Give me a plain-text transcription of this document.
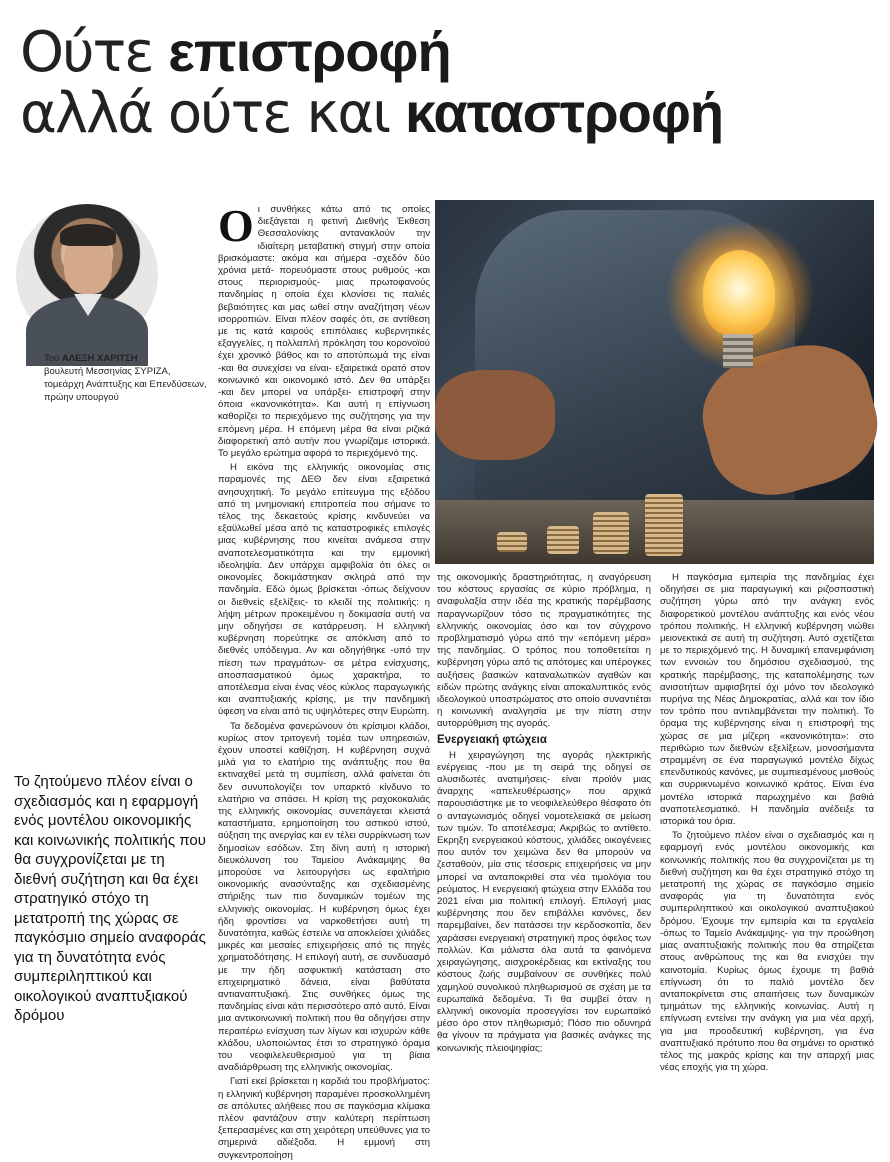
Ούτε επιστροφή
αλλά ούτε και καταστροφή
Του ΑΛΕΞΗ ΧΑΡΙΤΣΗ
βουλευτή Μεσσηνίας ΣΥΡΙΖΑ,
τομεάρχη Ανάπτυξης και Επενδύσεων,
πρώην υπουργού
Το ζητούμενο πλέον είναι ο σχεδιασμός και η εφαρμογή ενός μοντέλου οικονομικής και κοινωνικής πολιτικής που θα συγχρονίζεται με τη διεθνή συζήτηση και θα έχει στρατηγικό στόχο τη μετατροπή της χώρας σε παγκόσμιο σημείο αναφοράς για τη δυνατότητα ενός συμπεριληπτικού και οικολογικού αναπτυξιακού δρόμου
Ο ι συνθήκες κάτω από τις οποίες διεξάγεται η φετινή Διεθνής Έκθεση Θεσσαλονίκης αντανακλούν την ιδιαίτερη μεταβατική στιγμή στην οποία βρισκόμαστε: ακόμα και σήμερα -σχεδόν δύο χρόνια μετά- πορευόμαστε στους ρυθμούς -και στους περιορισμούς- μιας πρωτοφανούς πανδημίας η οποία έχει κλονίσει τις παλιές βεβαιότητες και μας ωθεί στην αναζήτηση νέων ισορροπιών. Είναι πλέον σαφές ότι, σε αντίθεση με τις κατά καιρούς επιπόλαιες κυβερνητικές εξαγγελίες, η πολλαπλή πρόκληση του κορονοϊού έχει χρονικό βάθος και το αποτύπωμά της είναι -και θα συνεχίσει να είναι- εξαιρετικά ορατό στον κοινωνικό και οικονομικό ιστό. Δεν θα υπάρξει -και δεν μπορεί να υπάρξει- επιστροφή στην όποια «κανονικότητα». Και αυτή η επίγνωση καθορίζει το περιεχόμενο της συζήτησης για την επόμενη μέρα. Η επόμενη μέρα θα είναι ριζικά διαφορετική από αυτήν που γνωρίζαμε ιστορικά. Το μεγάλο ερώτημα αφορά το περιεχόμενό της.

Η εικόνα της ελληνικής οικονομίας στις παραμονές της ΔΕΘ δεν είναι εξαιρετικά ανησυχητική. Το μεγάλο επίτευγμα της εξόδου από τη μνημονιακή επιτροπεία που σήμανε το τέλος της δεκαετούς κρίσης κινδυνεύει να εξαϋλωθεί μέσα από τις καταστροφικές επιλογές μιας κυβέρνησης που κινείται ανάμεσα στην αναποτελεσματικότητα και την εμμονική ιδεοληψία. Δεν υπάρχει αμφιβολία ότι όλες οι οικονομίες δοκιμάστηκαν σκληρά από την πανδημία. Εδώ όμως βρίσκεται -όπως δείχνουν οι διεθνείς εξελίξεις- το κλειδί της πολιτικής: η λήψη μέτρων προκειμένου η δοκιμασία αυτή να μην οδηγήσει σε κατάρρευση. Η ελληνική κυβέρνηση πορεύτηκε σε απόκλιση από το διεθνές υπόδειγμα. Αν και οδηγήθηκε -υπό την πίεση των πραγμάτων- σε μέτρα ενίσχυσης, αποσπασματικού όμως χαρακτήρα, το αποτέλεσμα είναι ένας νέος κύκλος παραγωγικής και αναπτυξιακής κρίσης, με την πανδημική ύφεση να είναι από τις υψηλότερες στην Ευρώπη.

Τα δεδομένα φανερώνουν ότι κρίσιμοι κλάδοι, κυρίως στον τριτογενή τομέα των υπηρεσιών, έχουν υποστεί καθίζηση. Η κυβέρνηση συχνά μιλά για το ελατήριο της ανάπτυξης που θα εκτιναχθεί μετά τη συμπίεση, αλλά φαίνεται ότι δεν συνυπολογίζει τον υπαρκτό κίνδυνο το ελατήριο να σπάσει. Η κρίση της ραχοκοκαλιάς της ελληνικής οικονομίας συνεπάγεται κλειστά καταστήματα, ερημοποίηση του αστικού ιστού, αύξηση της ανεργίας και εν τέλει συρρίκνωση των δημοσίων εσόδων. Στη δίνη αυτή η ιστορική διευκόλυνση του Ταμείου Ανάκαμψης θα μπορούσε να λειτουργήσει ως εφαλτήριο οικονομικής ανασύνταξης και σχεδιασμένης στήριξης των πιο δυναμικών τομέων της ελληνικής οικονομίας. Η κυβέρνηση όμως έχει ήδη φροντίσει να ναρκοθετήσει αυτή τη δυνατότητα, καθώς έστειλε να αποκλείσει χιλιάδες μικρές και μεσαίες επιχειρήσεις από τις πηγές χρηματοδότησης. Η επιλογή αυτή, σε συνδυασμό με την ήδη ασφυκτική κατάσταση στο επιχειρηματικό δάνεια, είναι βαθύτατα αντιαναπτυξιακή. Στις συνθήκες όμως της πανδημίας είναι κάτι περισσότερο από αυτό. Είναι μια αντικοινωνική πολιτική που θα οδηγήσει στην περαιτέρω ενίσχυση των λίγων και ισχυρών κάθε κλάδου, υλοποιώντας έτσι το στρατηγικό όραμα του νεοφιλελευθερισμού για τη βίαια αναδιάρθρωση της ελληνικής οικονομίας.

Γιατί εκεί βρίσκεται η καρδιά του προβλήματος: η ελληνική κυβέρνηση παραμένει προσκολλημένη σε απόλυτες αλήθειες που σε παγκόσμια κλίμακα πλέον φαντάζουν στην καλύτερη περίπτωση ξεπερασμένες και στη χειρότερη υπεύθυνες για το σημερινά αδιέξοδα. Η εμμονή στη συγκεντροποίηση

της οικονομικής δραστηριότητας, η αναγόρευση του κόστους εργασίας σε κύριο πρόβλημα, η αναφυλαξία στην ιδέα της κρατικής παρέμβασης παραγνωρίζουν τόσο τις πραγματικότητες της ελληνικής οικονομίας όσο και τον σύγχρονο προβληματισμό γύρω από την «επόμενη μέρα» της πανδημίας. Ο τρόπος που τοποθετείται η κυβέρνηση γύρω από τις απότομες και υπέρογκες αυξήσεις βασικών καταναλωτικών αγαθών και ειδών πρώτης ανάγκης είναι αποκαλυπτικός ενός ιδεολογικού υποστρώματος στο οποίο συναντιέται η κοινωνική αναλγησία με την πίστη στην αυτορρύθμιση της αγοράς.

Ενεργειακή φτώχεια

Η χειραγώγηση της αγοράς ηλεκτρικής ενέργειας -που με τη σειρά της οδηγεί σε αλυσιδωτές ανατιμήσεις- είναι προϊόν μιας άναρχης «απελευθέρωσης» που αρχικά παρουσιάστηκε με το νεοφιλελεύθερο θέσφατο ότι ο ανταγωνισμός οδηγεί νομοτελειακά σε μείωση των τιμών. Το αποτέλεσμα; Ακριβώς το αντίθετο. Εκρηξη ενεργειακού κόστους, χιλιάδες οικογένειες που αυτόν τον χειμώνα δεν θα μπορούν να ζεσταθούν, μία στις τέσσερις επιχειρήσεις να μην μπορεί να ανταποκριθεί στα νέα τιμολόγια του ρεύματος. Η ενεργειακή φτώχεια στην Ελλάδα του 2021 είναι μια πολιτική επιλογή. Επιλογή μιας κυβέρνησης που δεν επιβάλλει κανόνες, δεν παρεμβαίνει, δεν πατάσσει την κερδοσκοπία, δεν χαράσσει ενεργειακή στρατηγική προς όφελος των πολλών. Και μάλιστα όλα αυτά τα φαινόμενα χειραγώγησης, αισχροκέρδειας και εκτίναξης του κόστους ζωής συμβαίνουν σε συνθήκες πολύ χαμηλού συνολικού πληθωρισμού σε σχέση με τα ευρωπαϊκά δεδομένα. Τι θα συμβεί όταν η ελληνική οικονομία προσεγγίσει τον ευρωπαϊκό μέσο όρο στον πληθωρισμό; Πόσο πιο οδυνηρά θα γίνουν τα πράγματα για βασικές ανάγκες της κοινωνικής πλειοψηφίας;

Η παγκόσμια εμπειρία της πανδημίας έχει οδηγήσει σε μια παραγωγική και ριζοσπαστική συζήτηση γύρω από την ανάγκη ενός διαφορετικού μοντέλου ανάπτυξης και ενός νέου τρόπου πολιτικής. Η ελληνική κυβέρνηση νιώθει μειονεκτικά σε αυτή τη συζήτηση. Αυτό σχετίζεται με το περιεχόμενό της. Η δυναμική επανεμφάνιση των εννοιών του δημόσιου σχεδιασμού, της κρατικής παρέμβασης, της καταπολέμησης των ανισοτήτων αμφισβητεί όχι μόνο τον ιδεολογικό πυρήνα της Νέας Δημοκρατίας, αλλά και τον ίδιο τον τρόπο που αντιλαμβάνεται την πολιτική. Το όραμα της κυβέρνησης είναι η επιστροφή της χώρας σε μια μίζερη «κανονικότητα»: στο περιθώριο των διεθνών εξελίξεων, μονοσήμαντα στραμμένη σε ένα παραγωγικό μοντέλο δίχως επενδυτικούς κανόνες, με συμπιεσμένους μισθούς και συρρικνωμένο κοινωνικό κράτος. Είναι ένα μοντέλο ιστορικά παρωχημένο και βαθιά αναποτελεσματικό. Η πανδημία ανέδειξε τα ιστορικά του όρια.

Το ζητούμενο πλέον είναι ο σχεδιασμός και η εφαρμογή ενός μοντέλου οικονομικής και κοινωνικής πολιτικής που θα συγχρονίζεται με τη διεθνή συζήτηση και θα έχει στρατηγικό στόχο τη μετατροπή της χώρας σε παγκόσμιο σημείο αναφοράς για τη δυνατότητα ενός συμπεριληπτικού και οικολογικού αναπτυξιακού δρόμου. Έχουμε την εμπειρία και τα εργαλεία -όπως το Ταμείο Ανάκαμψης- για την προώθηση μιας αναπτυξιακής πολιτικής που θα στηρίζεται στους ανθρώπους της και θα ενισχύει την καινοτομία. Κυρίως όμως έχουμε τη βαθιά επίγνωση ότι το παλιό μοντέλο δεν ανταποκρίνεται στις απαιτήσεις των δυναμικών τμημάτων της ελληνικής κοινωνίας. Αυτή η επίγνωση εντείνει την ανάγκη για μια νέα αρχή, για μια προοδευτική κυβέρνηση, για ένα αναπτυξιακό πρότυπο που θα σημάνει το οριστικό τέλος της μακράς κρίσης και την απαρχή μιας νέας εποχής για τη χώρα.
